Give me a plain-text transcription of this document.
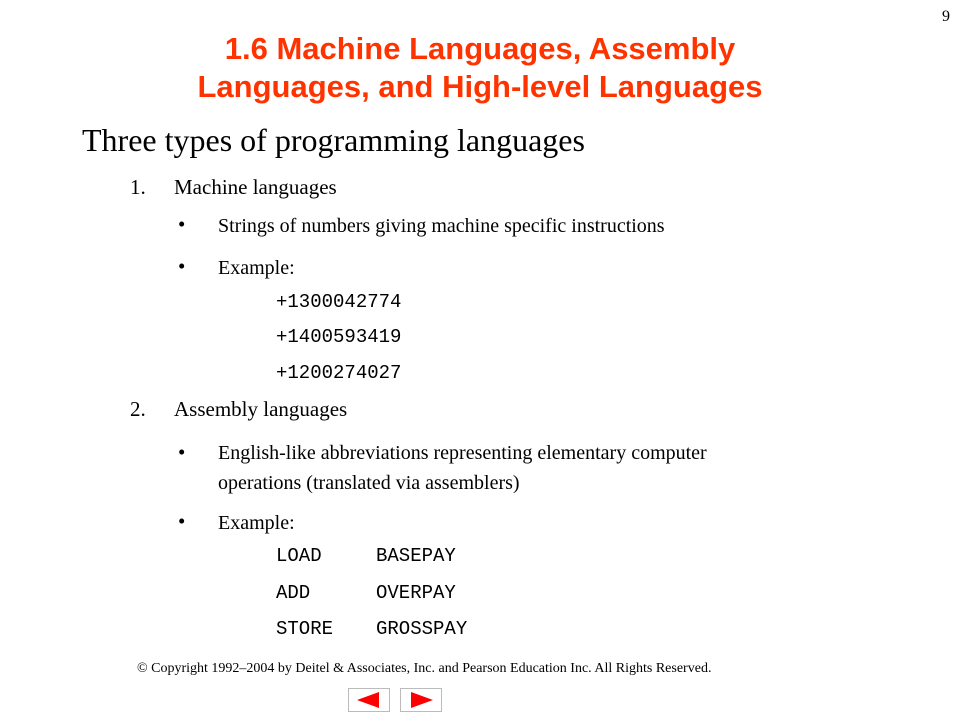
9
1.6 Machine Languages, Assembly
Languages, and High-level Languages
Three types of programming languages
1. Machine languages
• Strings of numbers giving machine specific instructions
• Example:
+1300042774
+1400593419
+1200274027
2. Assembly languages
• English-like abbreviations representing elementary computer
operations (translated via assemblers)
• Example:
LOAD	BASEPAY
ADD	OVERPAY
STORE GROSSPAY
© Copyright 1992–2004 by Deitel & Associates, Inc. and Pearson Education Inc. All Rights Reserved.
